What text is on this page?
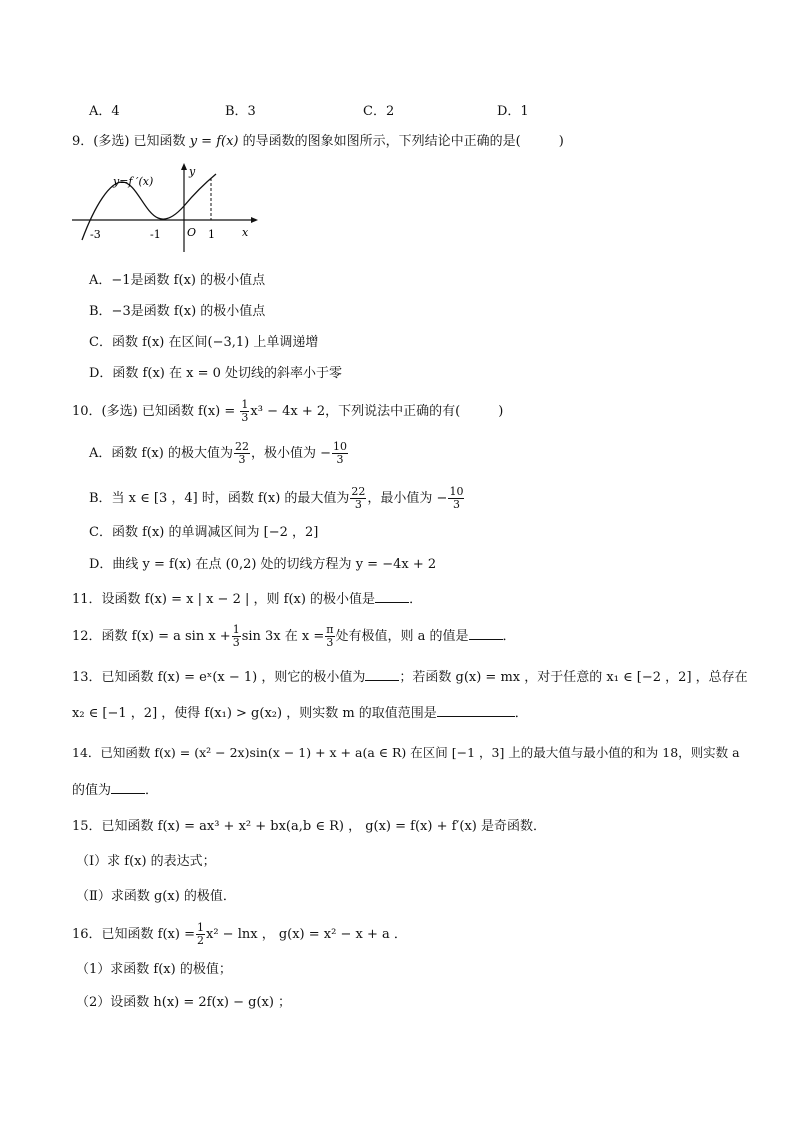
A．4	B．3	C．2	D．1
9．(多选) 已知函数 y = f(x) 的导函数的图象如图所示，下列结论中正确的是(	)
y=f ′(x)
y
x
O
-3	-1	1
A．−1是函数 f(x) 的极小值点
B．−3是函数 f(x) 的极小值点
C．函数 f(x) 在区间(−3,1) 上单调递增
D．函数 f(x) 在 x = 0 处切线的斜率小于零
10．(多选) 已知函数 $f(x) = \frac{1}{3} x^3 - 4x + 2$，下列说法中正确的有(	)
A．函数 f(x) 的极大值为 $\frac{22}{3}$ ，极小值为 − $\frac{10}{3}$
B．当 x ∈ [3 ，4] 时，函数 f(x) 的最大值为 $\frac{22}{3}$ ，最小值为 − $\frac{10}{3}$
C．函数 f(x) 的单调减区间为 [−2 ，2]
D．曲线 y = f(x) 在点 (0,2) 处的切线方程为 y = −4x + 2
11．设函数 f(x) = x | x − 2 | ，则 f(x) 的极小值是	．
12．函数 f(x) = a $\sin x + \frac{1}{3}$ sin 3x 在 $x = \frac{\pi}{3}$ 处有极值，则 a 的值是	．
13．已知函数 f(x) = eˣ(x − 1) ，则它的极小值为	；若函数 g(x) = mx ，对于任意的 x₁ ∈ [−2 ，2] ，总存在
x₂ ∈ [−1 ，2] ，使得 f(x₁) > g(x₂) ，则实数 m 的取值范围是	．
14．已知函数 f(x) = (x² − 2x)sin(x − 1) + x + a(a ∈ R) 在区间 [−1 ，3] 上的最大值与最小值的和为 18，则实数 a
的值为	．
15．已知函数 f(x) = ax³ + x² + bx(a,b ∈ R) ， g(x) = f(x) + f′(x) 是奇函数．
（Ⅰ）求 f(x) 的表达式；
（Ⅱ）求函数 g(x) 的极值．
16．已知函数 $f(x) = \frac{1}{2} x^2 - \ln x$ ， g(x) = x² − x + a ．
（1）求函数 f(x) 的极值；
（2）设函数 h(x) = 2f(x) − g(x) ；
